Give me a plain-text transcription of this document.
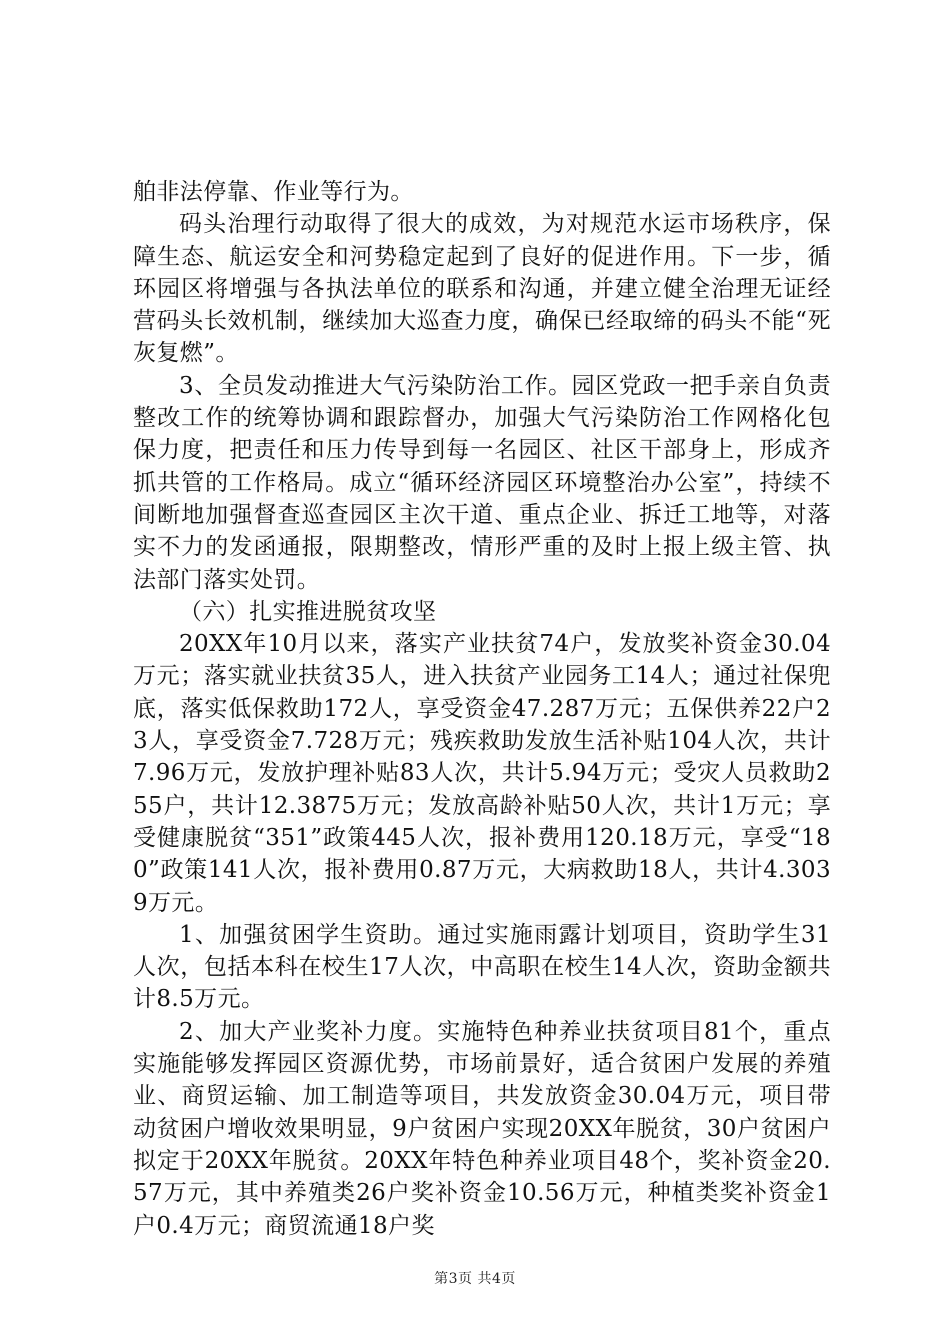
舶非法停靠、作业等行为。

码头治理行动取得了很大的成效，为对规范水运市场秩序，保障生态、航运安全和河势稳定起到了良好的促进作用。下一步，循环园区将增强与各执法单位的联系和沟通，并建立健全治理无证经营码头长效机制，继续加大巡查力度，确保已经取缔的码头不能“死灰复燃”。

3、全员发动推进大气污染防治工作。园区党政一把手亲自负责整改工作的统筹协调和跟踪督办，加强大气污染防治工作网格化包保力度，把责任和压力传导到每一名园区、社区干部身上，形成齐抓共管的工作格局。成立“循环经济园区环境整治办公室”，持续不间断地加强督查巡查园区主次干道、重点企业、拆迁工地等，对落实不力的发函通报，限期整改，情形严重的及时上报上级主管、执法部门落实处罚。

（六）扎实推进脱贫攻坚

20XX年10月以来，落实产业扶贫74户，发放奖补资金30.04万元；落实就业扶贫35人，进入扶贫产业园务工14人；通过社保兜底，落实低保救助172人，享受资金47.287万元；五保供养22户23人，享受资金7.728万元；残疾救助发放生活补贴104人次，共计7.96万元，发放护理补贴83人次，共计5.94万元；受灾人员救助255户，共计12.3875万元；发放高龄补贴50人次，共计1万元；享受健康脱贫“351”政策445人次，报补费用120.18万元，享受“180”政策141人次，报补费用0.87万元，大病救助18人，共计4.3039万元。

1、加强贫困学生资助。通过实施雨露计划项目，资助学生31人次，包括本科在校生17人次，中高职在校生14人次，资助金额共计8.5万元。

2、加大产业奖补力度。实施特色种养业扶贫项目81个，重点实施能够发挥园区资源优势，市场前景好，适合贫困户发展的养殖业、商贸运输、加工制造等项目，共发放资金30.04万元，项目带动贫困户增收效果明显，9户贫困户实现20XX年脱贫，30户贫困户拟定于20XX年脱贫。20XX年特色种养业项目48个，奖补资金20.57万元，其中养殖类26户奖补资金10.56万元，种植类奖补资金1户0.4万元；商贸流通18户奖

第3页 共4页
